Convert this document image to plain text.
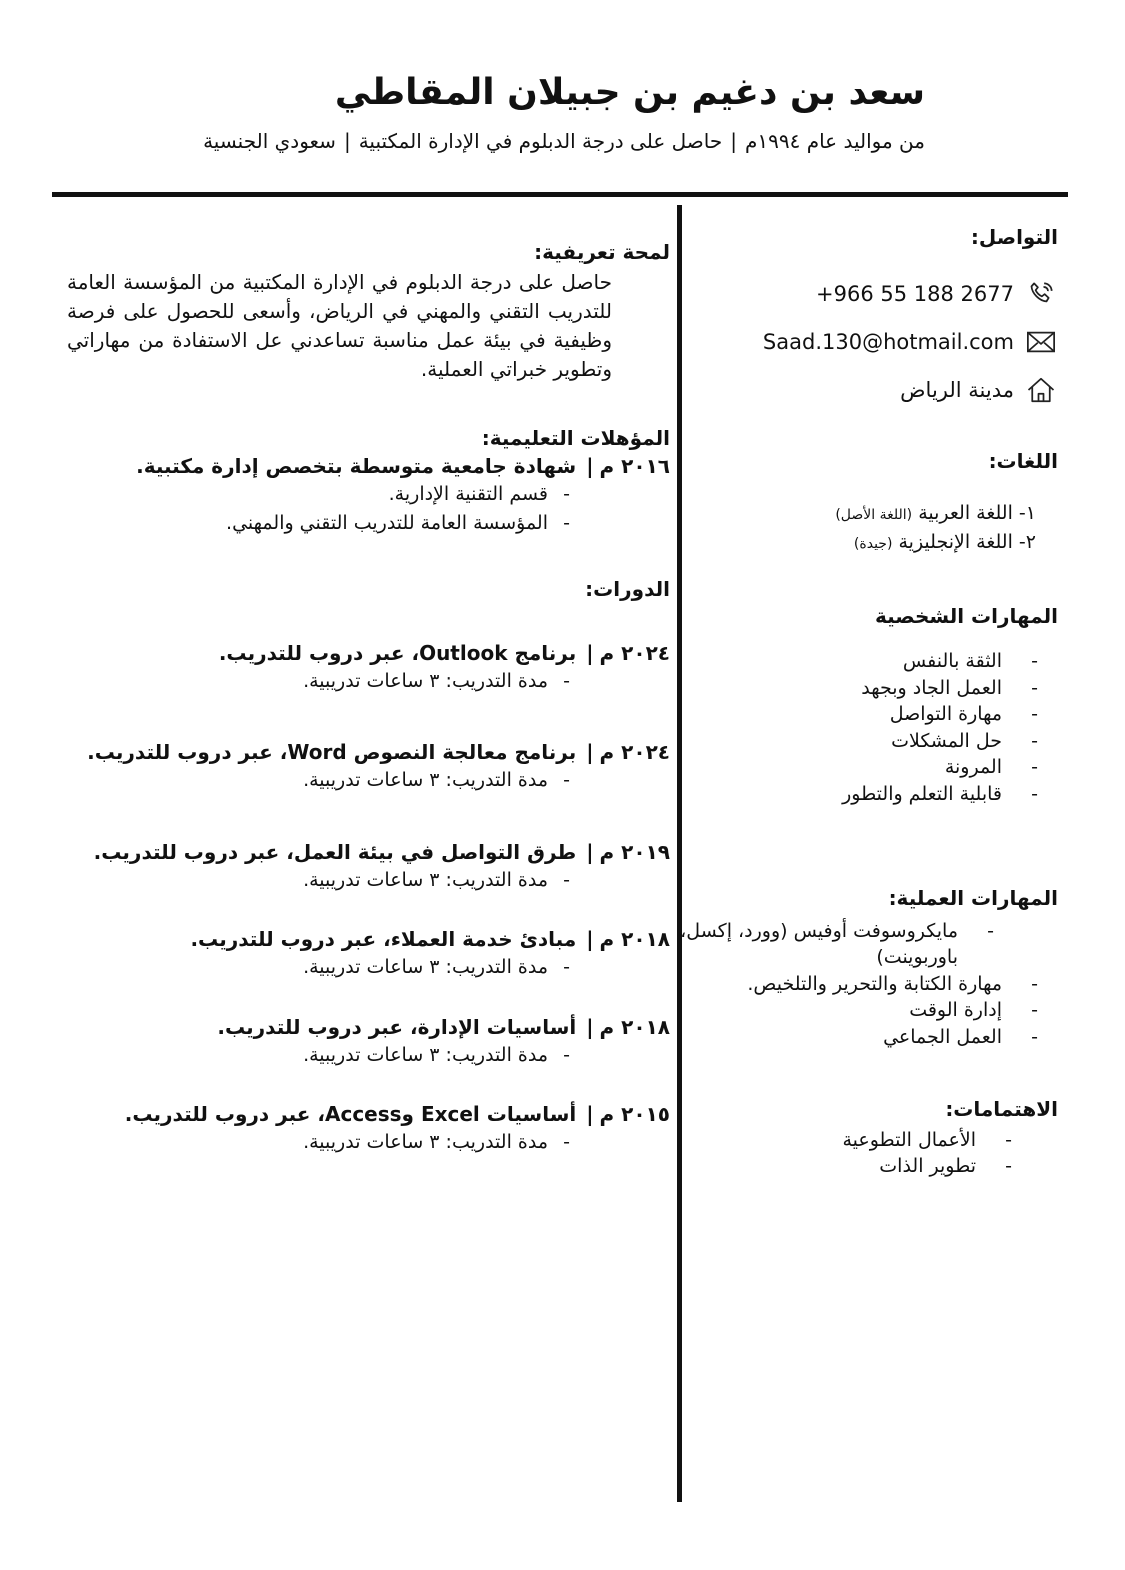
سعد بن دغيم بن جبيلان المقاطي
من مواليد عام ١٩٩٤م|حاصل على درجة الدبلوم في الإدارة المكتبية|سعودي الجنسية
التواصل:
+966 55 188 2677
Saad.130@hotmail.com
مدينة الرياض
اللغات:
١- اللغة العربية (اللغة الأصل)
٢- اللغة الإنجليزية (جيدة)
المهارات الشخصية
- الثقة بالنفس
- العمل الجاد وبجهد
- مهارة التواصل
- حل المشكلات
- المرونة
- قابلية التعلم والتطور
المهارات العملية:
- مايكروسوفت أوفيس (وورد، إكسل، باوربوينت)
- مهارة الكتابة والتحرير والتلخيص.
- إدارة الوقت
- العمل الجماعي
الاهتمامات:
- الأعمال التطوعية
- تطوير الذات
لمحة تعريفية:
حاصل على درجة الدبلوم في الإدارة المكتبية من المؤسسة العامة للتدريب التقني والمهني في الرياض، وأسعى للحصول على فرصة وظيفية في بيئة عمل مناسبة تساعدني عل الاستفادة من مهاراتي وتطوير خبراتي العملية.
المؤهلات التعليمية:
٢٠١٦ م|شهادة جامعية متوسطة بتخصص إدارة مكتبية.
- قسم التقنية الإدارية.
- المؤسسة العامة للتدريب التقني والمهني.
الدورات:
٢٠٢٤ م|برنامج Outlook، عبر دروب للتدريب.
- مدة التدريب: ٣ ساعات تدريبية.
٢٠٢٤ م|برنامج معالجة النصوص Word، عبر دروب للتدريب.
- مدة التدريب: ٣ ساعات تدريبية.
٢٠١٩ م|طرق التواصل في بيئة العمل، عبر دروب للتدريب.
- مدة التدريب: ٣ ساعات تدريبية.
٢٠١٨ م|مبادئ خدمة العملاء، عبر دروب للتدريب.
- مدة التدريب: ٣ ساعات تدريبية.
٢٠١٨ م|أساسيات الإدارة، عبر دروب للتدريب.
- مدة التدريب: ٣ ساعات تدريبية.
٢٠١٥ م|أساسيات Excel وAccess، عبر دروب للتدريب.
- مدة التدريب: ٣ ساعات تدريبية.
